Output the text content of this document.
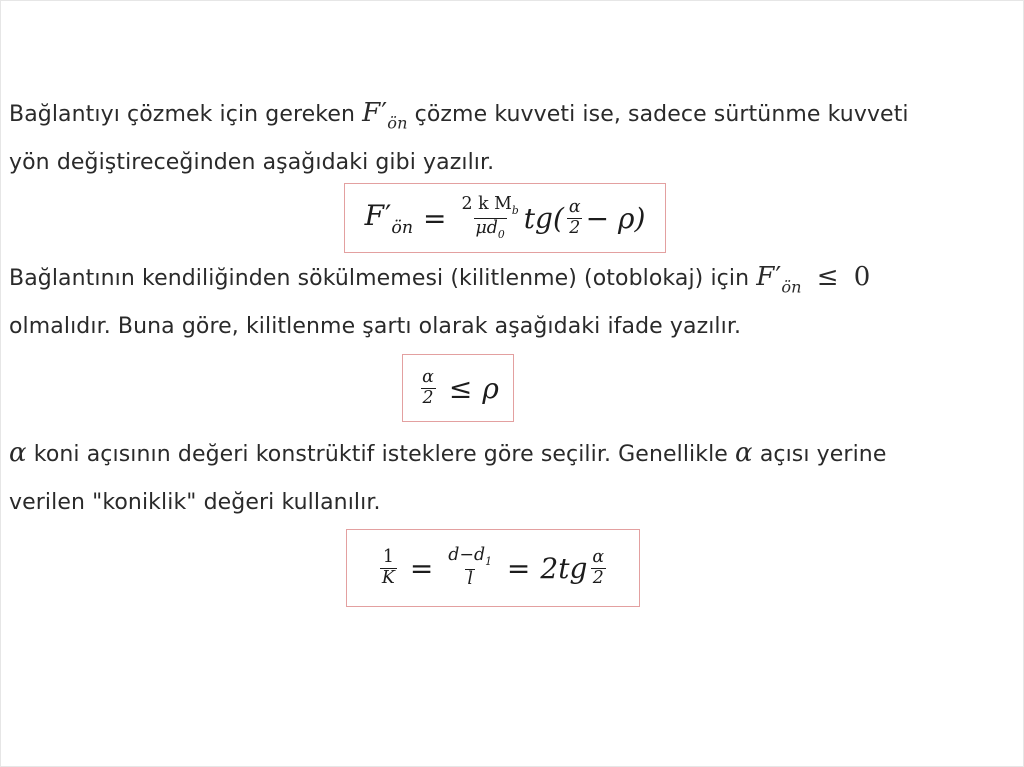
Bağlantıyı çözmek için gereken $F'_{ön}$ çözme kuvveti ise, sadece sürtünme kuvveti
yön değiştireceğinden aşağıdaki gibi yazılır.
$F'_{ön} = \frac{2 k M_b}{\mu d_0} tg( \frac{\alpha}{2} - \rho)$
Bağlantının kendiliğinden sökülmemesi (kilitlenme) (otoblokaj) için $F'_{ön} \le 0$
olmalıdır. Buna göre, kilitlenme şartı olarak aşağıdaki ifade yazılır.
$\frac{\alpha}{2} \le \rho$
α koni açısının değeri konstrüktif isteklere göre seçilir. Genellikle α açısı yerine
verilen "koniklik" değeri kullanılır.
$\frac{1}{K} = \frac{d-d_1}{l} = 2tg \frac{\alpha}{2}$
